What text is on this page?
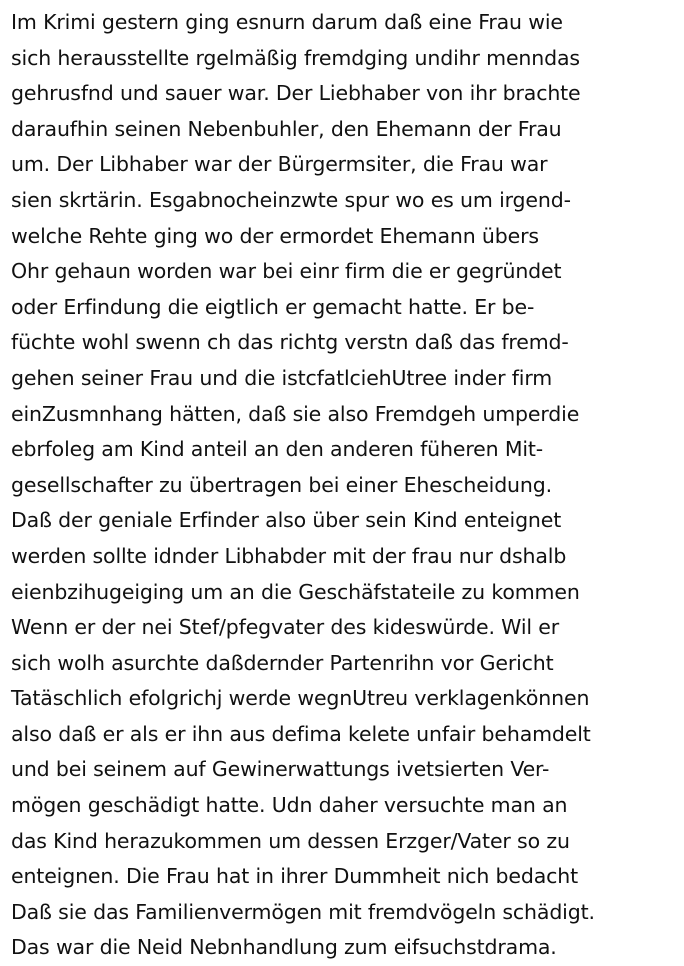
Im Krimi gestern ging esnurn darum daß eine Frau wie
sich herausstellte rgelmäßig fremdging undihr menndas
gehrusfnd und sauer war. Der Liebhaber von ihr brachte
daraufhin seinen Nebenbuhler, den Ehemann der Frau
um. Der Libhaber war der Bürgermsiter, die Frau war
sien skrtärin. Esgabnocheinzwte spur wo es um irgend-
welche Rehte ging wo der ermordet Ehemann übers
Ohr gehaun worden war bei einr firm die er gegründet
oder Erfindung die eigtlich er gemacht hatte. Er be-
füchte wohl swenn ch das richtg verstn daß das fremd-
gehen seiner Frau und die istcfatlciehUtree inder firm
einZusmnhang hätten, daß sie also Fremdgeh umperdie
ebrfoleg am Kind anteil an den anderen füheren Mit-
gesellschafter zu übertragen bei einer Ehescheidung.
Daß der geniale Erfinder also über sein Kind enteignet
werden sollte idnder Libhabder mit der frau nur dshalb
eienbzihugeiging um an die Geschäfstateile zu kommen
Wenn er der nei Stef/pfegvater des kideswürde. Wil er
sich wolh asurchte daßdernder Partenrihn vor Gericht
Tatäschlich efolgrichj werde wegnUtreu verklagenkönnen
also daß er als er ihn aus defima kelete unfair behamdelt
und bei seinem auf Gewinerwattungs ivetsierten Ver-
mögen geschädigt hatte. Udn daher versuchte man an
das Kind herazukommen um dessen Erzger/Vater so zu
enteignen. Die Frau hat in ihrer Dummheit nich bedacht
Daß sie das Familienvermögen mit fremdvögeln schädigt.
Das war die Neid Nebnhandlung zum eifsuchstdrama.
